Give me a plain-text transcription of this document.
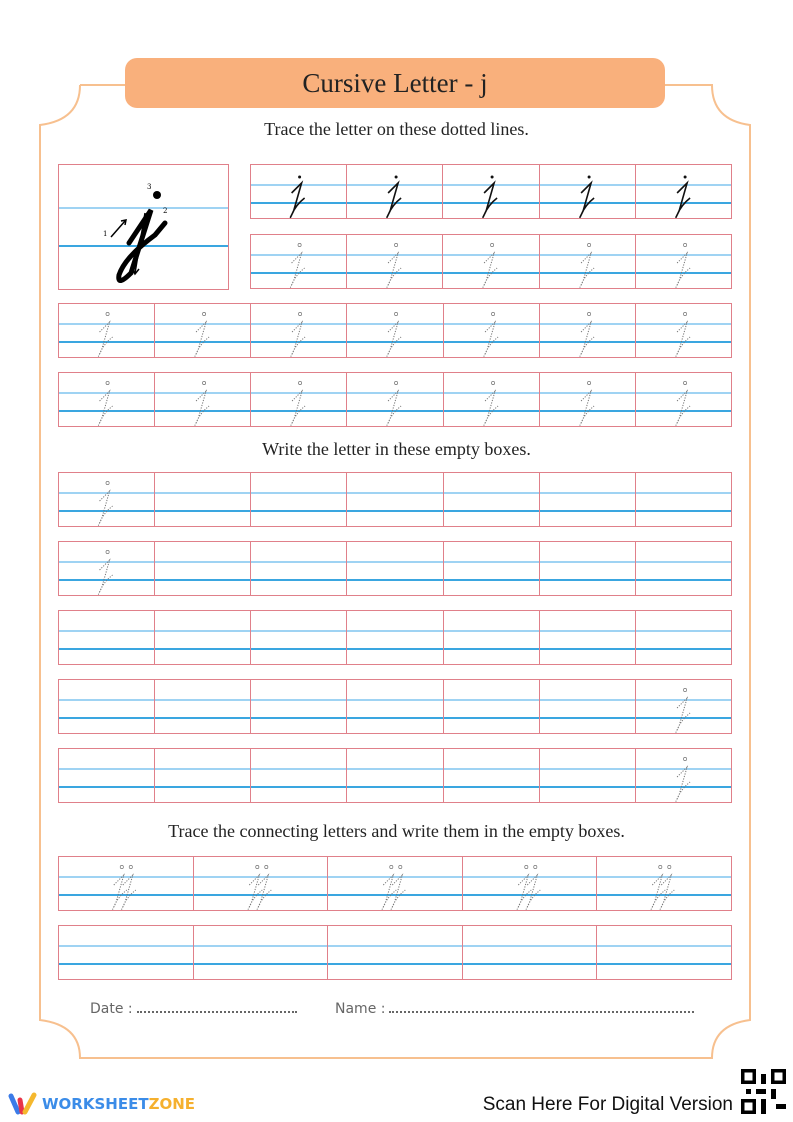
Cursive Letter - j
Trace the letter on these dotted lines.
1
2
3
Write the letter in these empty boxes.
Trace the connecting letters and write them in the empty boxes.
Date :	Name :
WORKSHEET ZONE	Scan Here For Digital Version
